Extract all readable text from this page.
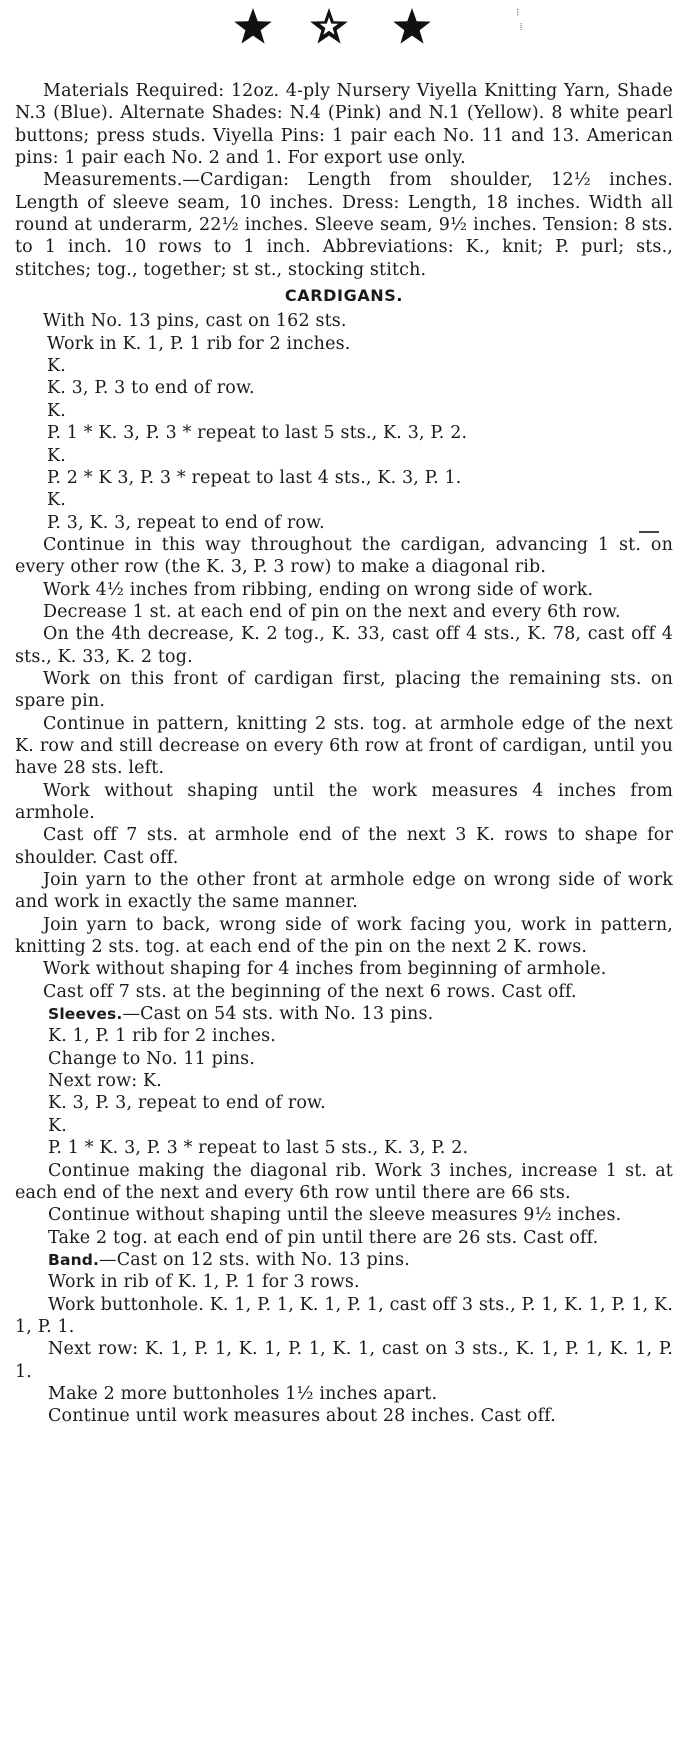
⁝
⁞

Materials Required: 12oz. 4-ply Nursery Viyella Knitting Yarn, Shade N.3 (Blue). Alternate Shades: N.4 (Pink) and N.1 (Yellow). 8 white pearl buttons; press studs. Viyella Pins: 1 pair each No. 11 and 13. American pins: 1 pair each No. 2 and 1. For export use only.

Measurements.—Cardigan: Length from shoulder, 12½ inches. Length of sleeve seam, 10 inches. Dress: Length, 18 inches. Width all round at underarm, 22½ inches. Sleeve seam, 9½ inches. Tension: 8 sts. to 1 inch. 10 rows to 1 inch. Abbreviations: K., knit; P. purl; sts., stitches; tog., together; st st., stocking stitch.

CARDIGANS.

With No. 13 pins, cast on 162 sts.

Work in K. 1, P. 1 rib for 2 inches.

K.

K. 3, P. 3 to end of row.

K.

P. 1 * K. 3, P. 3 * repeat to last 5 sts., K. 3, P. 2.

K.

P. 2 * K 3, P. 3 * repeat to last 4 sts., K. 3, P. 1.

K.

P. 3, K. 3, repeat to end of row.

Continue in this way throughout the cardigan, advancing 1 st. on every other row (the K. 3, P. 3 row) to make a diagonal rib.

Work 4½ inches from ribbing, ending on wrong side of work.

Decrease 1 st. at each end of pin on the next and every 6th row.

On the 4th decrease, K. 2 tog., K. 33, cast off 4 sts., K. 78, cast off 4 sts., K. 33, K. 2 tog.

Work on this front of cardigan first, placing the remaining sts. on spare pin.

Continue in pattern, knitting 2 sts. tog. at armhole edge of the next K. row and still decrease on every 6th row at front of cardigan, until you have 28 sts. left.

Work without shaping until the work measures 4 inches from armhole.

Cast off 7 sts. at armhole end of the next 3 K. rows to shape for shoulder. Cast off.

Join yarn to the other front at armhole edge on wrong side of work and work in exactly the same manner.

Join yarn to back, wrong side of work facing you, work in pattern, knitting 2 sts. tog. at each end of the pin on the next 2 K. rows.

Work without shaping for 4 inches from beginning of armhole.

Cast off 7 sts. at the beginning of the next 6 rows. Cast off.

Sleeves.—Cast on 54 sts. with No. 13 pins.

K. 1, P. 1 rib for 2 inches.

Change to No. 11 pins.

Next row: K.

K. 3, P. 3, repeat to end of row.

K.

P. 1 * K. 3, P. 3 * repeat to last 5 sts., K. 3, P. 2.

Continue making the diagonal rib. Work 3 inches, increase 1 st. at each end of the next and every 6th row until there are 66 sts.

Continue without shaping until the sleeve measures 9½ inches.

Take 2 tog. at each end of pin until there are 26 sts. Cast off.

Band.—Cast on 12 sts. with No. 13 pins.

Work in rib of K. 1, P. 1 for 3 rows.

Work buttonhole. K. 1, P. 1, K. 1, P. 1, cast off 3 sts., P. 1, K. 1, P. 1, K. 1, P. 1.

Next row: K. 1, P. 1, K. 1, P. 1, K. 1, cast on 3 sts., K. 1, P. 1, K. 1, P. 1.

Make 2 more buttonholes 1½ inches apart.

Continue until work measures about 28 inches. Cast off.
